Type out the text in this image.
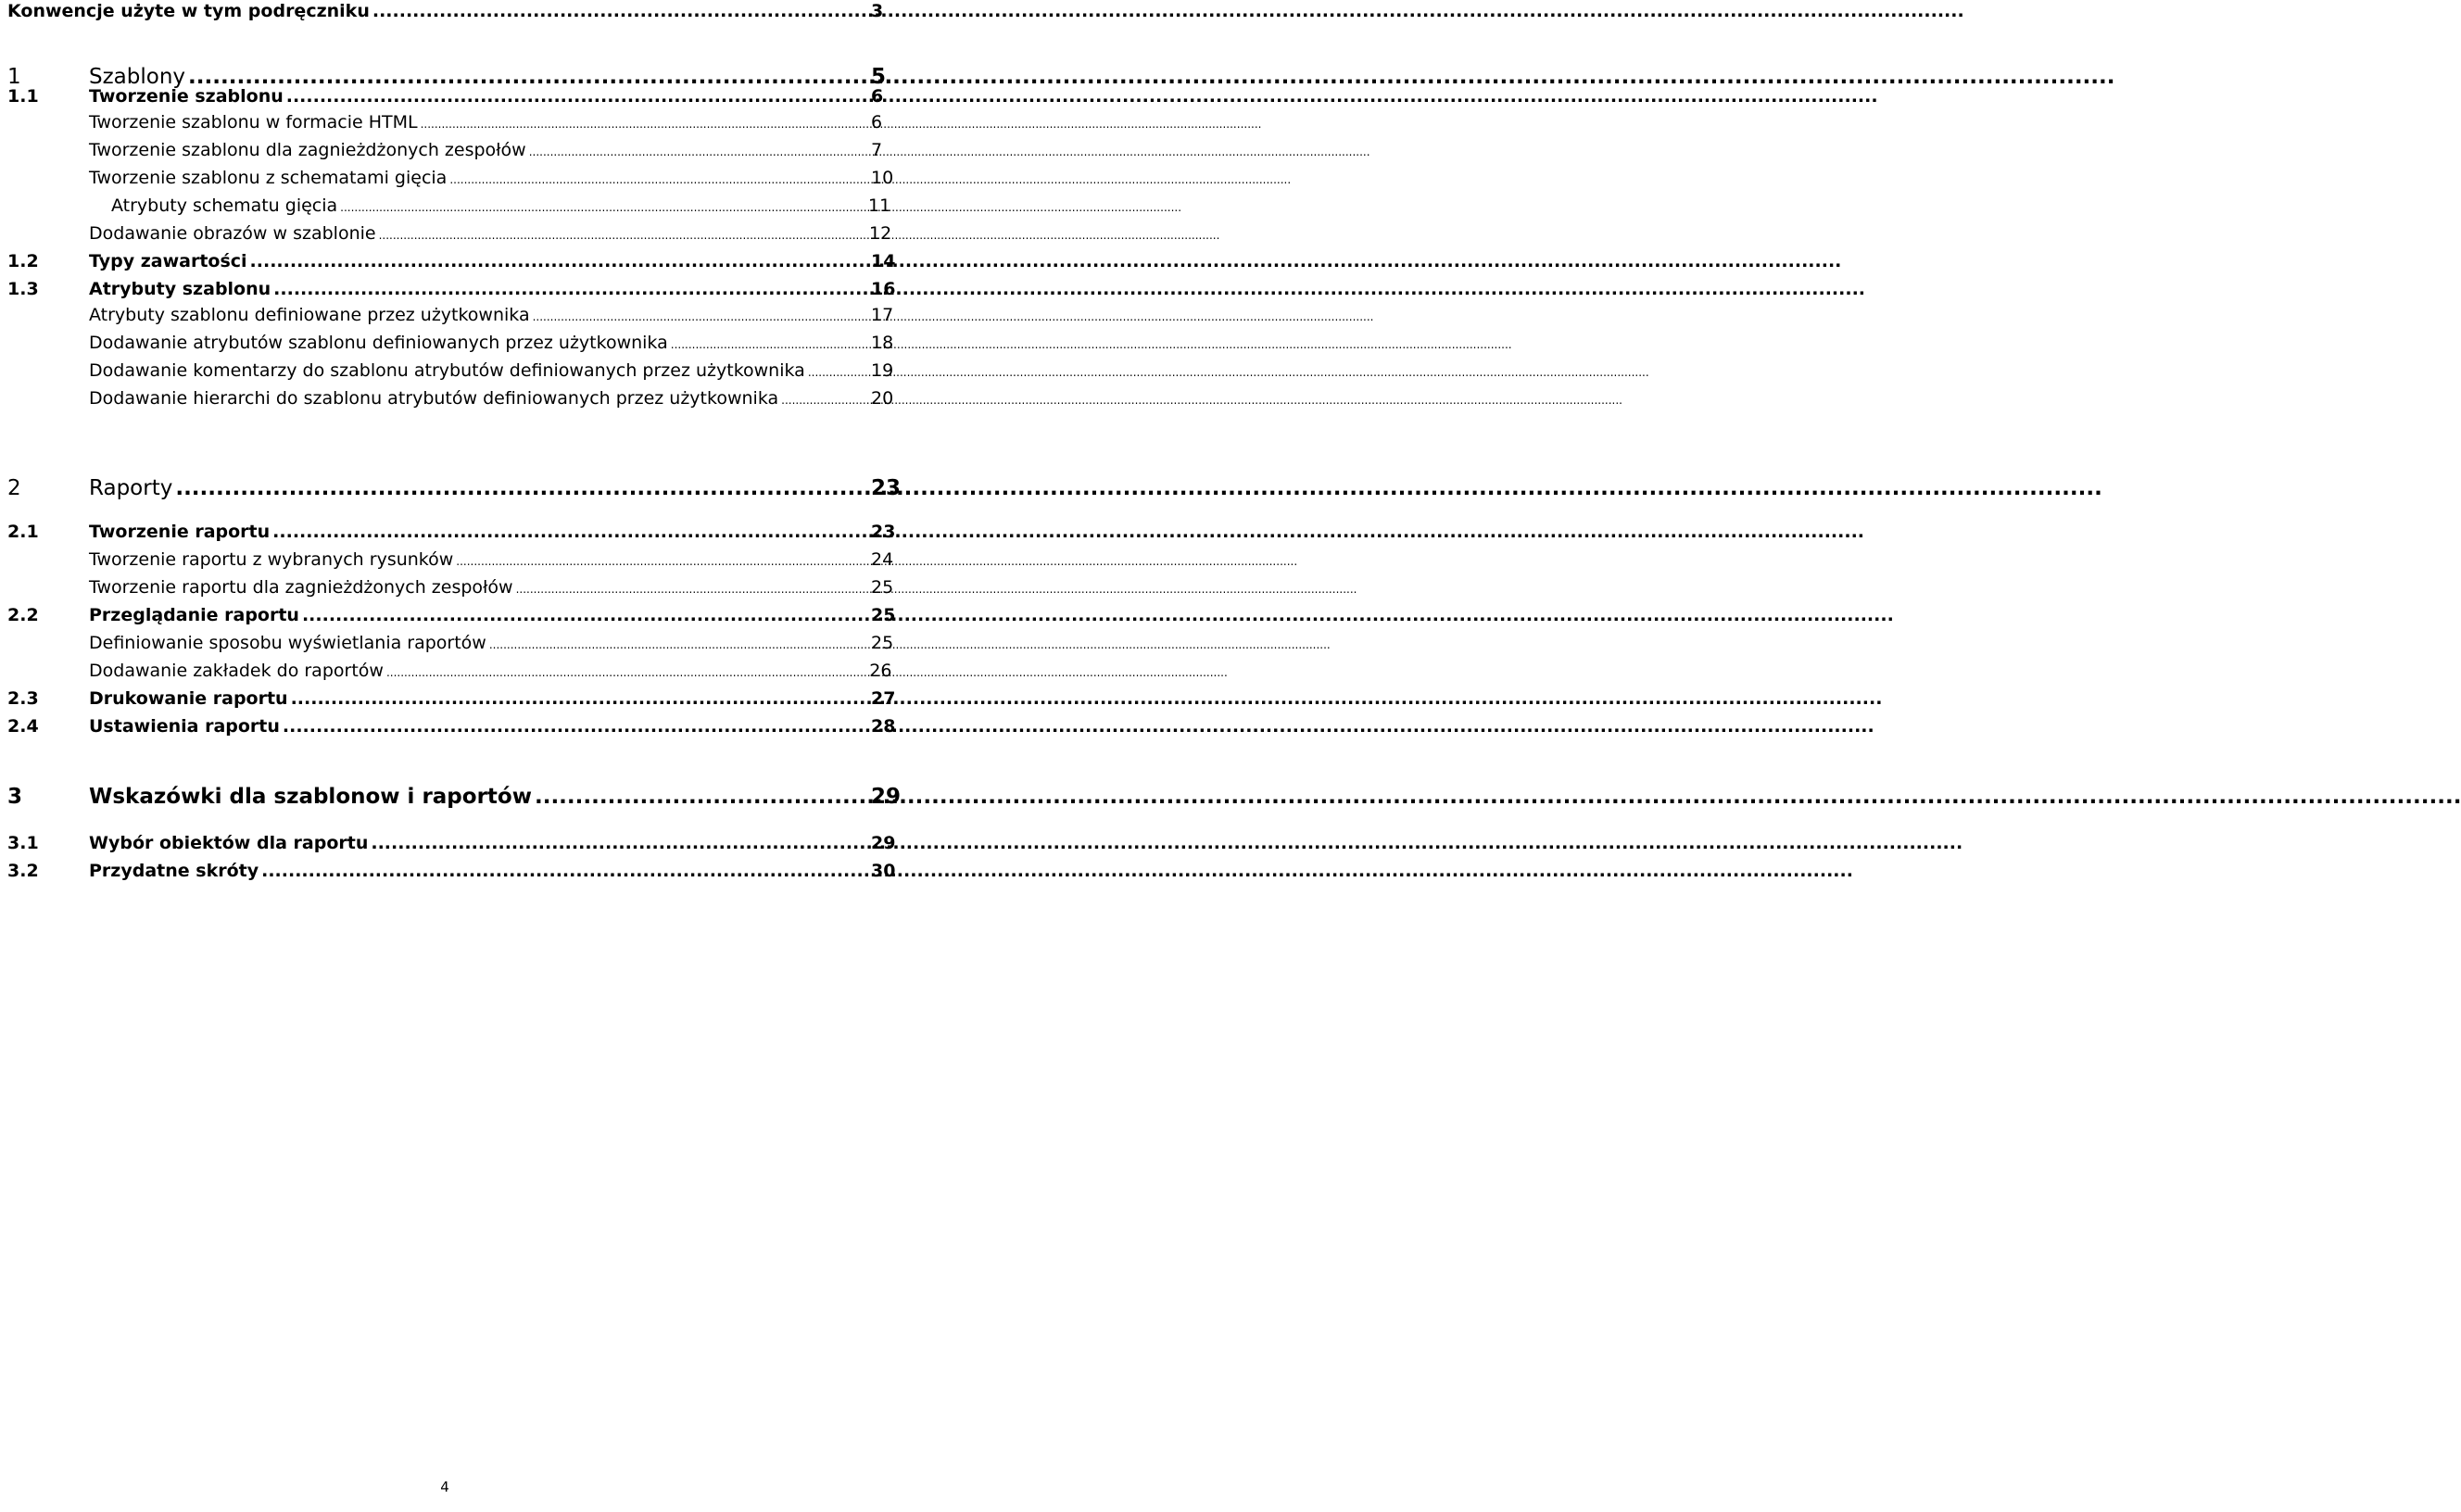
Konwencje użyte w tym podręczniku .....	3
1	Szablony .....	5
1.1	Tworzenie szablonu .....	6
Tworzenie szablonu w formacie HTML .....	6
Tworzenie szablonu dla zagnieżdżonych zespołów .....	7
Tworzenie szablonu z schematami gięcia .....	10
Atrybuty schematu gięcia .....	11
Dodawanie obrazów w szablonie .....	12
1.2	Typy zawartości .....	14
1.3	Atrybuty szablonu .....	16
Atrybuty szablonu definiowane przez użytkownika .....	17
Dodawanie atrybutów szablonu definiowanych przez użytkownika .....	18
Dodawanie komentarzy do szablonu atrybutów definiowanych przez użytkownika .....	19
Dodawanie hierarchi do szablonu atrybutów definiowanych przez użytkownika .....	20
2	Raporty .....	23
2.1	Tworzenie raportu .....	23
Tworzenie raportu z wybranych rysunków .....	24
Tworzenie raportu dla zagnieżdżonych zespołów .....	25
2.2	Przeglądanie raportu .....	25
Definiowanie sposobu wyświetlania raportów .....	25
Dodawanie zakładek do raportów .....	26
2.3	Drukowanie raportu .....	27
2.4	Ustawienia raportu .....	28
3	Wskazówki dla szablonow i raportów .....	29
3.1	Wybór obiektów dla raportu .....	29
3.2	Przydatne skróty .....	30
4
